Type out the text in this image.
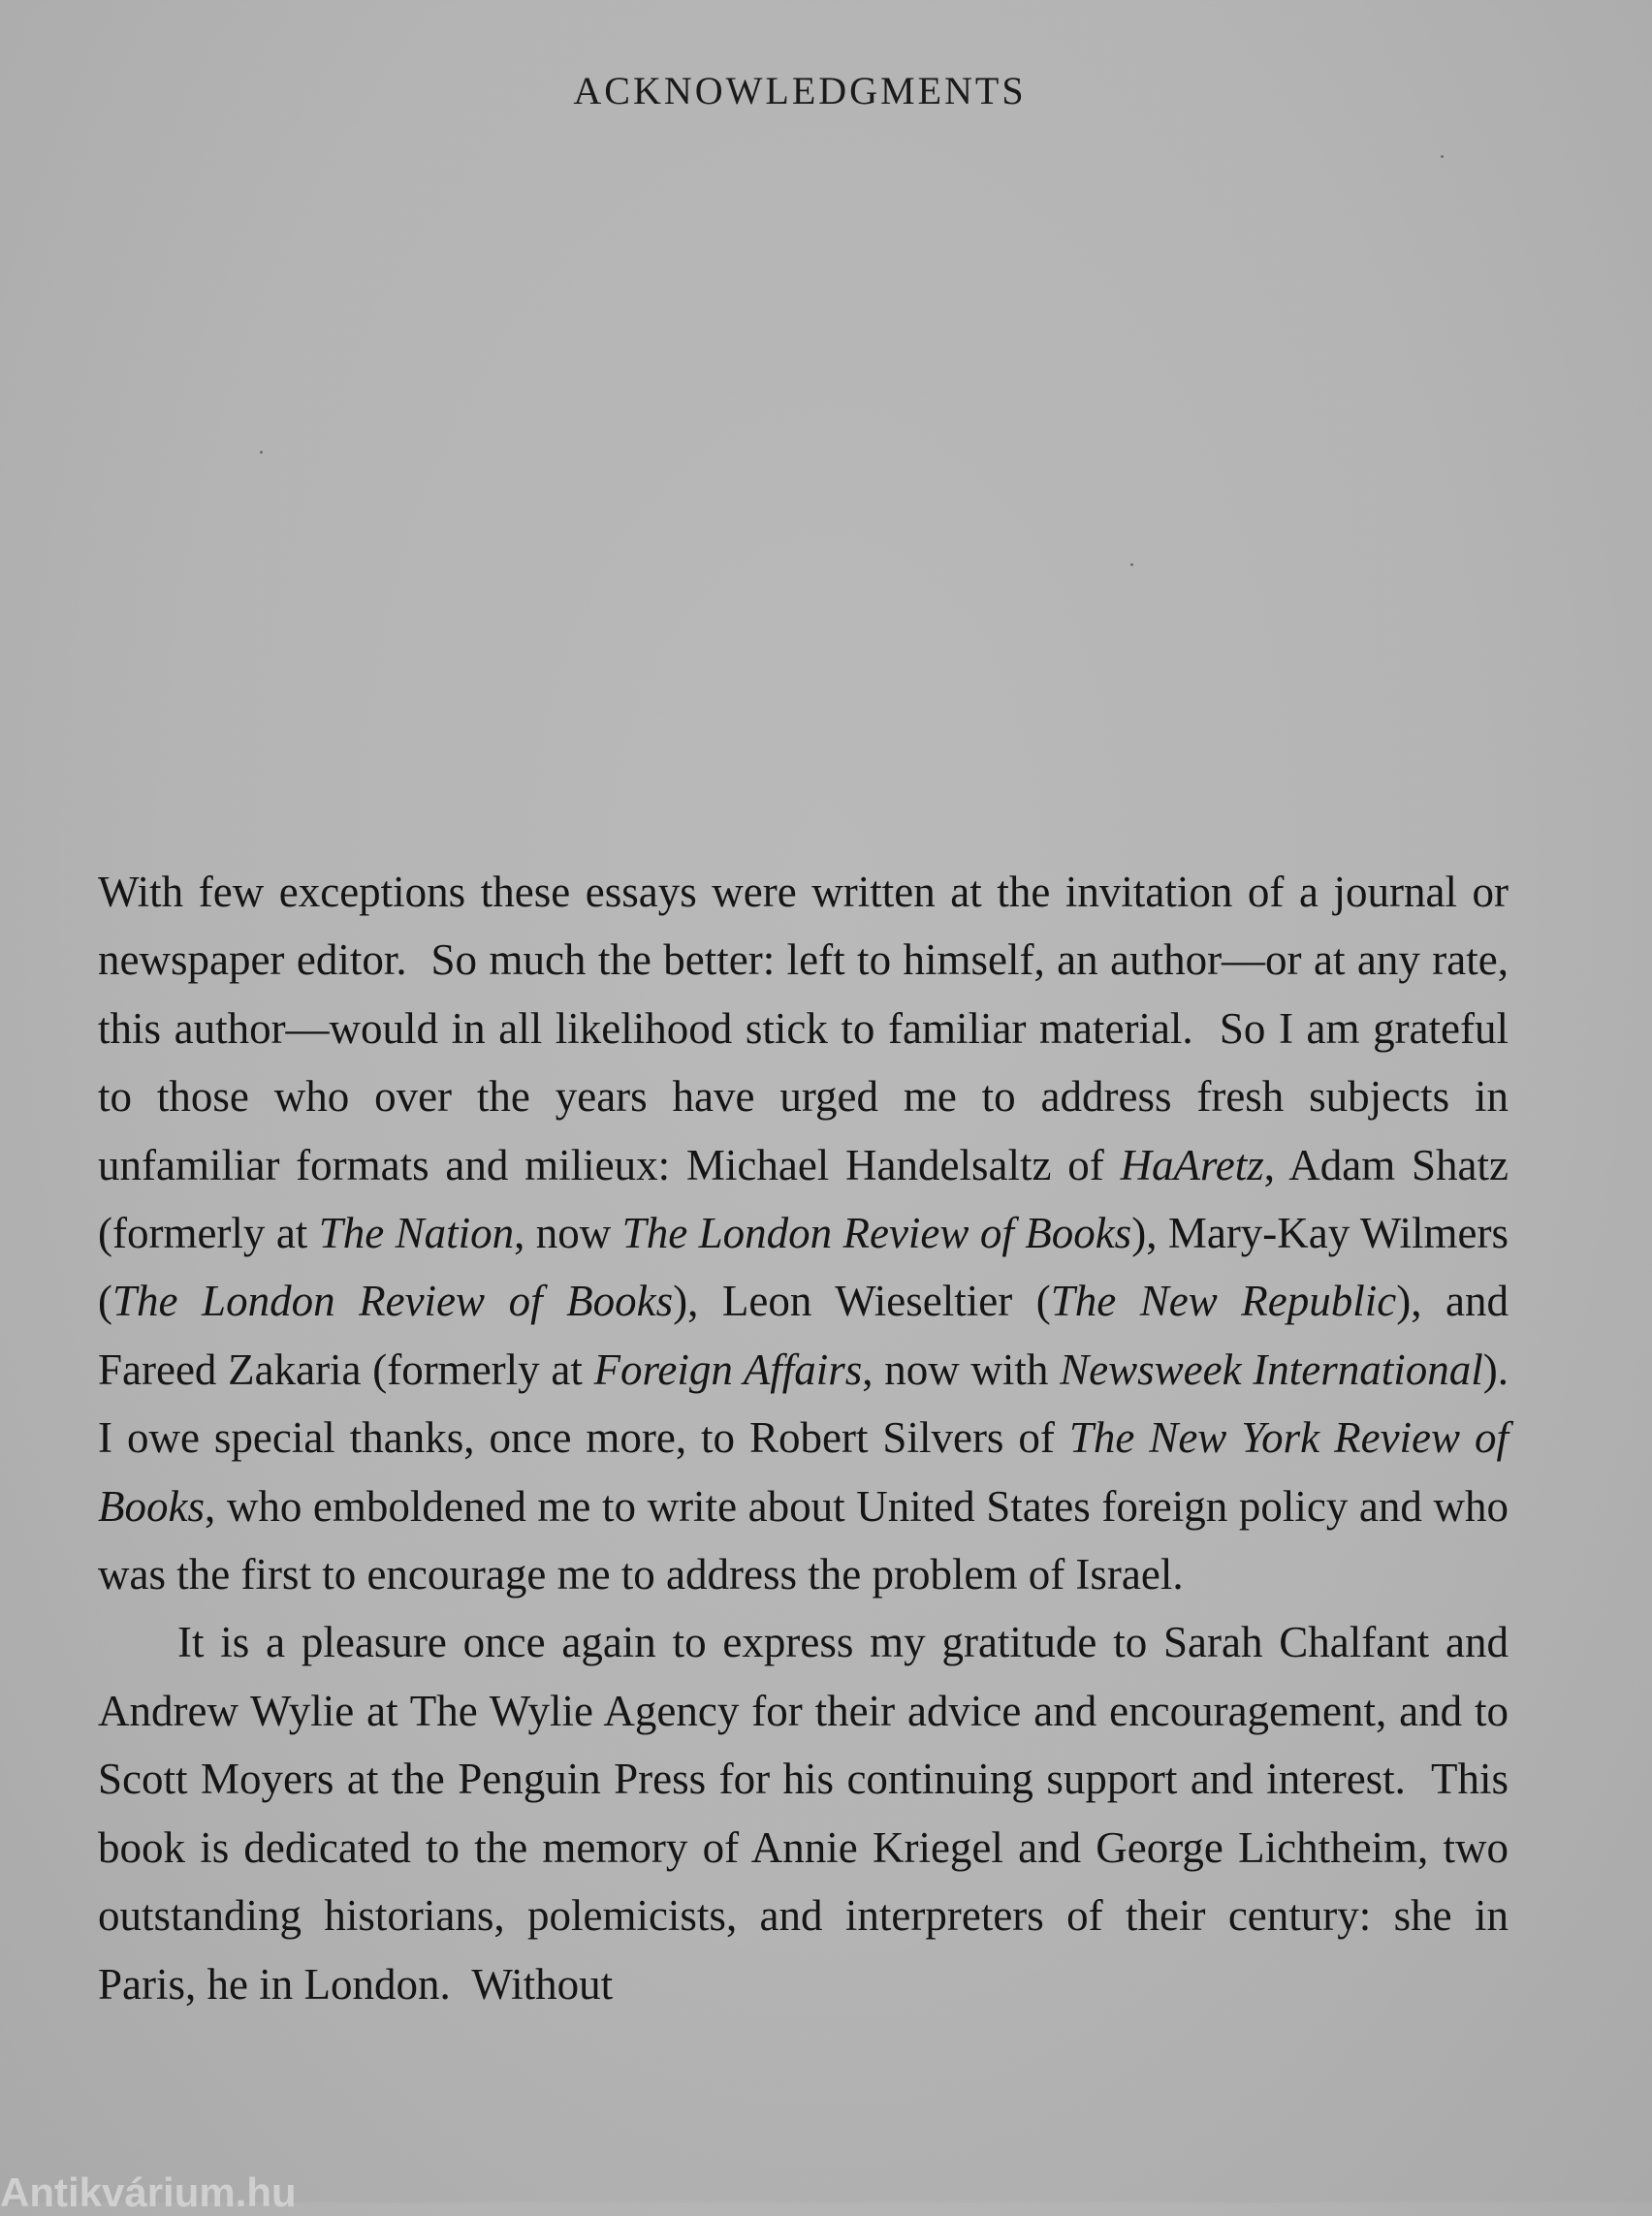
ACKNOWLEDGMENTS

With few exceptions these essays were written at the invitation of a journal or newspaper editor.  So much the better: left to himself, an author—or at any rate, this author—would in all likelihood stick to familiar material.  So I am grateful to those who over the years have urged me to address fresh subjects in unfamiliar formats and milieux: Michael Handelsaltz of HaAretz, Adam Shatz (formerly at The Nation, now The London Review of Books), Mary-Kay Wilmers (The London Review of Books), Leon Wieseltier (The New Republic), and Fareed Zakaria (formerly at Foreign Affairs, now with Newsweek International). I owe special thanks, once more, to Robert Silvers of The New York Review of Books, who emboldened me to write about United States foreign policy and who was the first to encourage me to address the problem of Israel.

It is a pleasure once again to express my gratitude to Sarah Chalfant and Andrew Wylie at The Wylie Agency for their advice and encouragement, and to Scott Moyers at the Penguin Press for his continuing support and interest.  This book is dedicated to the memory of Annie Kriegel and George Lichtheim, two outstanding historians, polemicists, and interpreters of their century: she in Paris, he in London.  Without

Antikvárium.hu
